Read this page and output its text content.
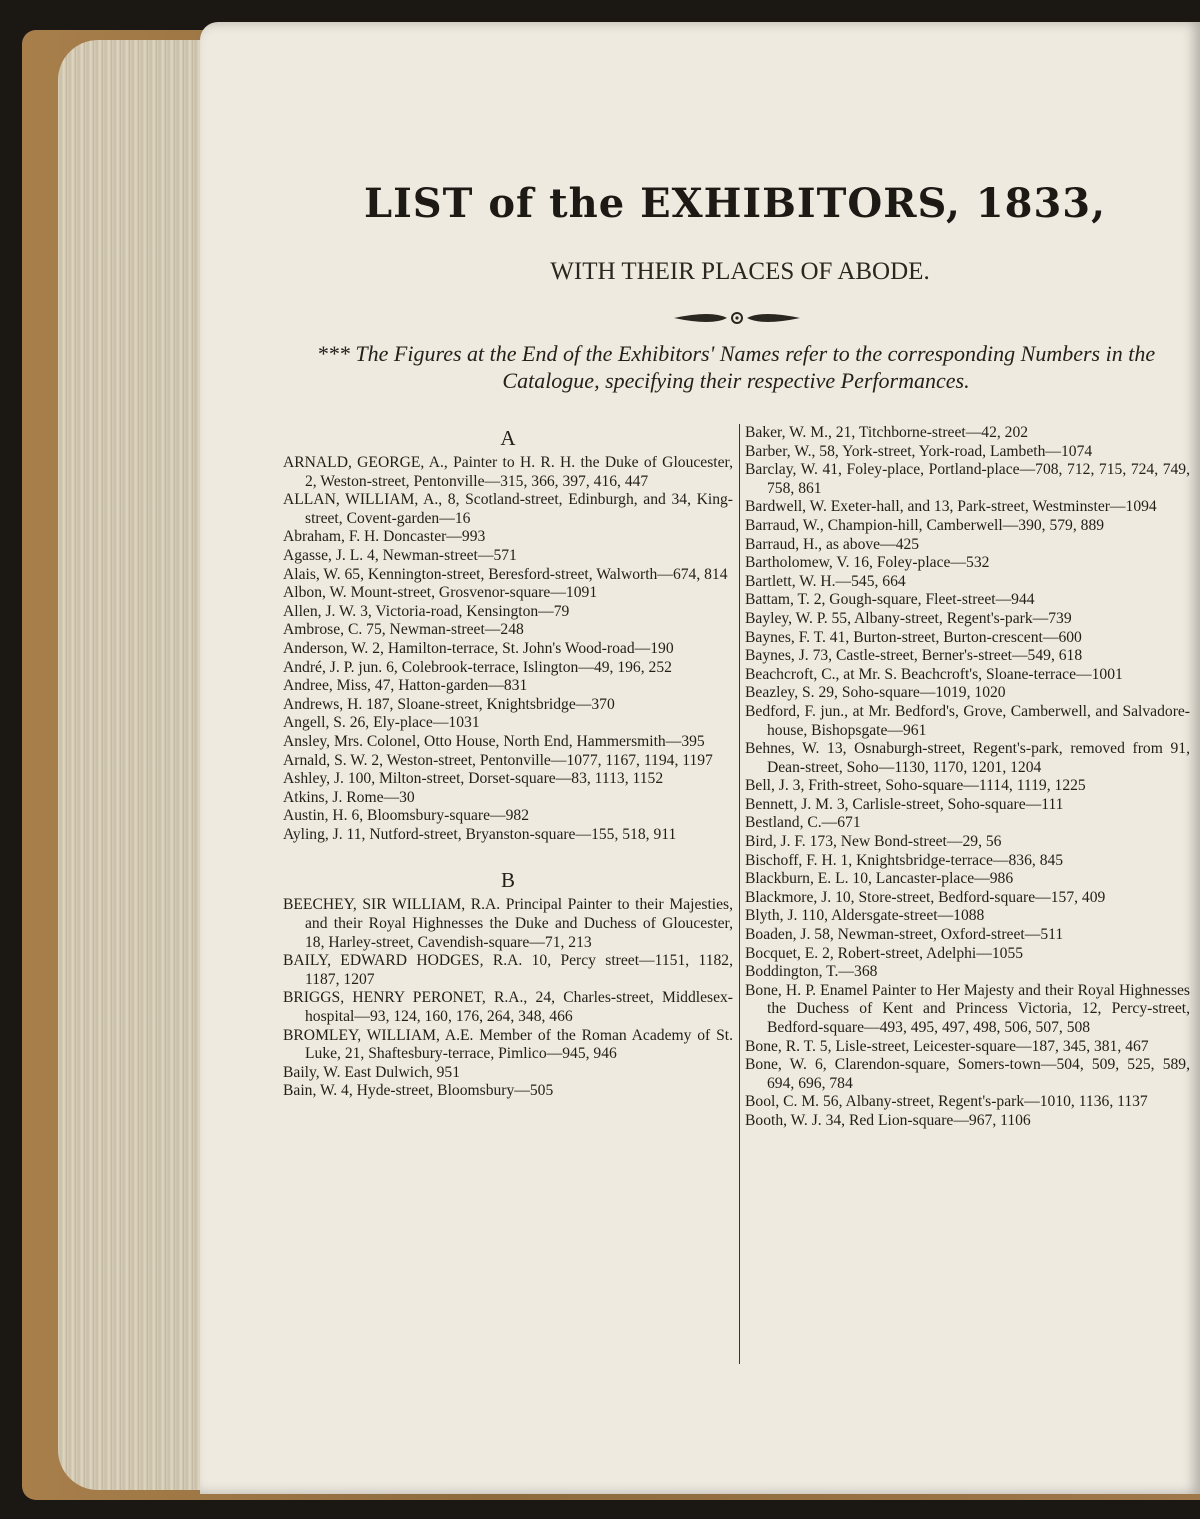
LIST of the EXHIBITORS, 1833,
WITH THEIR PLACES OF ABODE.
*** The Figures at the End of the Exhibitors' Names refer to the corresponding Numbers in the Catalogue, specifying their respective Performances.
A
ARNALD, GEORGE, A., Painter to H. R. H. the Duke of Gloucester, 2, Weston-street, Pentonville—315, 366, 397, 416, 447
ALLAN, WILLIAM, A., 8, Scotland-street, Edinburgh, and 34, King-street, Covent-garden—16
Abraham, F. H. Doncaster—993
Agasse, J. L. 4, Newman-street—571
Alais, W. 65, Kennington-street, Beresford-street, Walworth—674, 814
Albon, W. Mount-street, Grosvenor-square—1091
Allen, J. W. 3, Victoria-road, Kensington—79
Ambrose, C. 75, Newman-street—248
Anderson, W. 2, Hamilton-terrace, St. John's Wood-road—190
André, J. P. jun. 6, Colebrook-terrace, Islington—49, 196, 252
Andree, Miss, 47, Hatton-garden—831
Andrews, H. 187, Sloane-street, Knightsbridge—370
Angell, S. 26, Ely-place—1031
Ansley, Mrs. Colonel, Otto House, North End, Hammersmith—395
Arnald, S. W. 2, Weston-street, Pentonville—1077, 1167, 1194, 1197
Ashley, J. 100, Milton-street, Dorset-square—83, 1113, 1152
Atkins, J. Rome—30
Austin, H. 6, Bloomsbury-square—982
Ayling, J. 11, Nutford-street, Bryanston-square—155, 518, 911
B
BEECHEY, SIR WILLIAM, R.A. Principal Painter to their Majesties, and their Royal Highnesses the Duke and Duchess of Gloucester, 18, Harley-street, Cavendish-square—71, 213
BAILY, EDWARD HODGES, R.A. 10, Percy street—1151, 1182, 1187, 1207
BRIGGS, HENRY PERONET, R.A., 24, Charles-street, Middlesex-hospital—93, 124, 160, 176, 264, 348, 466
BROMLEY, WILLIAM, A.E. Member of the Roman Academy of St. Luke, 21, Shaftesbury-terrace, Pimlico—945, 946
Baily, W. East Dulwich, 951
Bain, W. 4, Hyde-street, Bloomsbury—505
Baker, W. M., 21, Titchborne-street—42, 202
Barber, W., 58, York-street, York-road, Lambeth—1074
Barclay, W. 41, Foley-place, Portland-place—708, 712, 715, 724, 749, 758, 861
Bardwell, W. Exeter-hall, and 13, Park-street, Westminster—1094
Barraud, W., Champion-hill, Camberwell—390, 579, 889
Barraud, H., as above—425
Bartholomew, V. 16, Foley-place—532
Bartlett, W. H.—545, 664
Battam, T. 2, Gough-square, Fleet-street—944
Bayley, W. P. 55, Albany-street, Regent's-park—739
Baynes, F. T. 41, Burton-street, Burton-crescent—600
Baynes, J. 73, Castle-street, Berner's-street—549, 618
Beachcroft, C., at Mr. S. Beachcroft's, Sloane-terrace—1001
Beazley, S. 29, Soho-square—1019, 1020
Bedford, F. jun., at Mr. Bedford's, Grove, Camberwell, and Salvadore-house, Bishopsgate—961
Behnes, W. 13, Osnaburgh-street, Regent's-park, removed from 91, Dean-street, Soho—1130, 1170, 1201, 1204
Bell, J. 3, Frith-street, Soho-square—1114, 1119, 1225
Bennett, J. M. 3, Carlisle-street, Soho-square—111
Bestland, C.—671
Bird, J. F. 173, New Bond-street—29, 56
Bischoff, F. H. 1, Knightsbridge-terrace—836, 845
Blackburn, E. L. 10, Lancaster-place—986
Blackmore, J. 10, Store-street, Bedford-square—157, 409
Blyth, J. 110, Aldersgate-street—1088
Boaden, J. 58, Newman-street, Oxford-street—511
Bocquet, E. 2, Robert-street, Adelphi—1055
Boddington, T.—368
Bone, H. P. Enamel Painter to Her Majesty and their Royal Highnesses the Duchess of Kent and Princess Victoria, 12, Percy-street, Bedford-square—493, 495, 497, 498, 506, 507, 508
Bone, R. T. 5, Lisle-street, Leicester-square—187, 345, 381, 467
Bone, W. 6, Clarendon-square, Somers-town—504, 509, 525, 589, 694, 696, 784
Bool, C. M. 56, Albany-street, Regent's-park—1010, 1136, 1137
Booth, W. J. 34, Red Lion-square—967, 1106
